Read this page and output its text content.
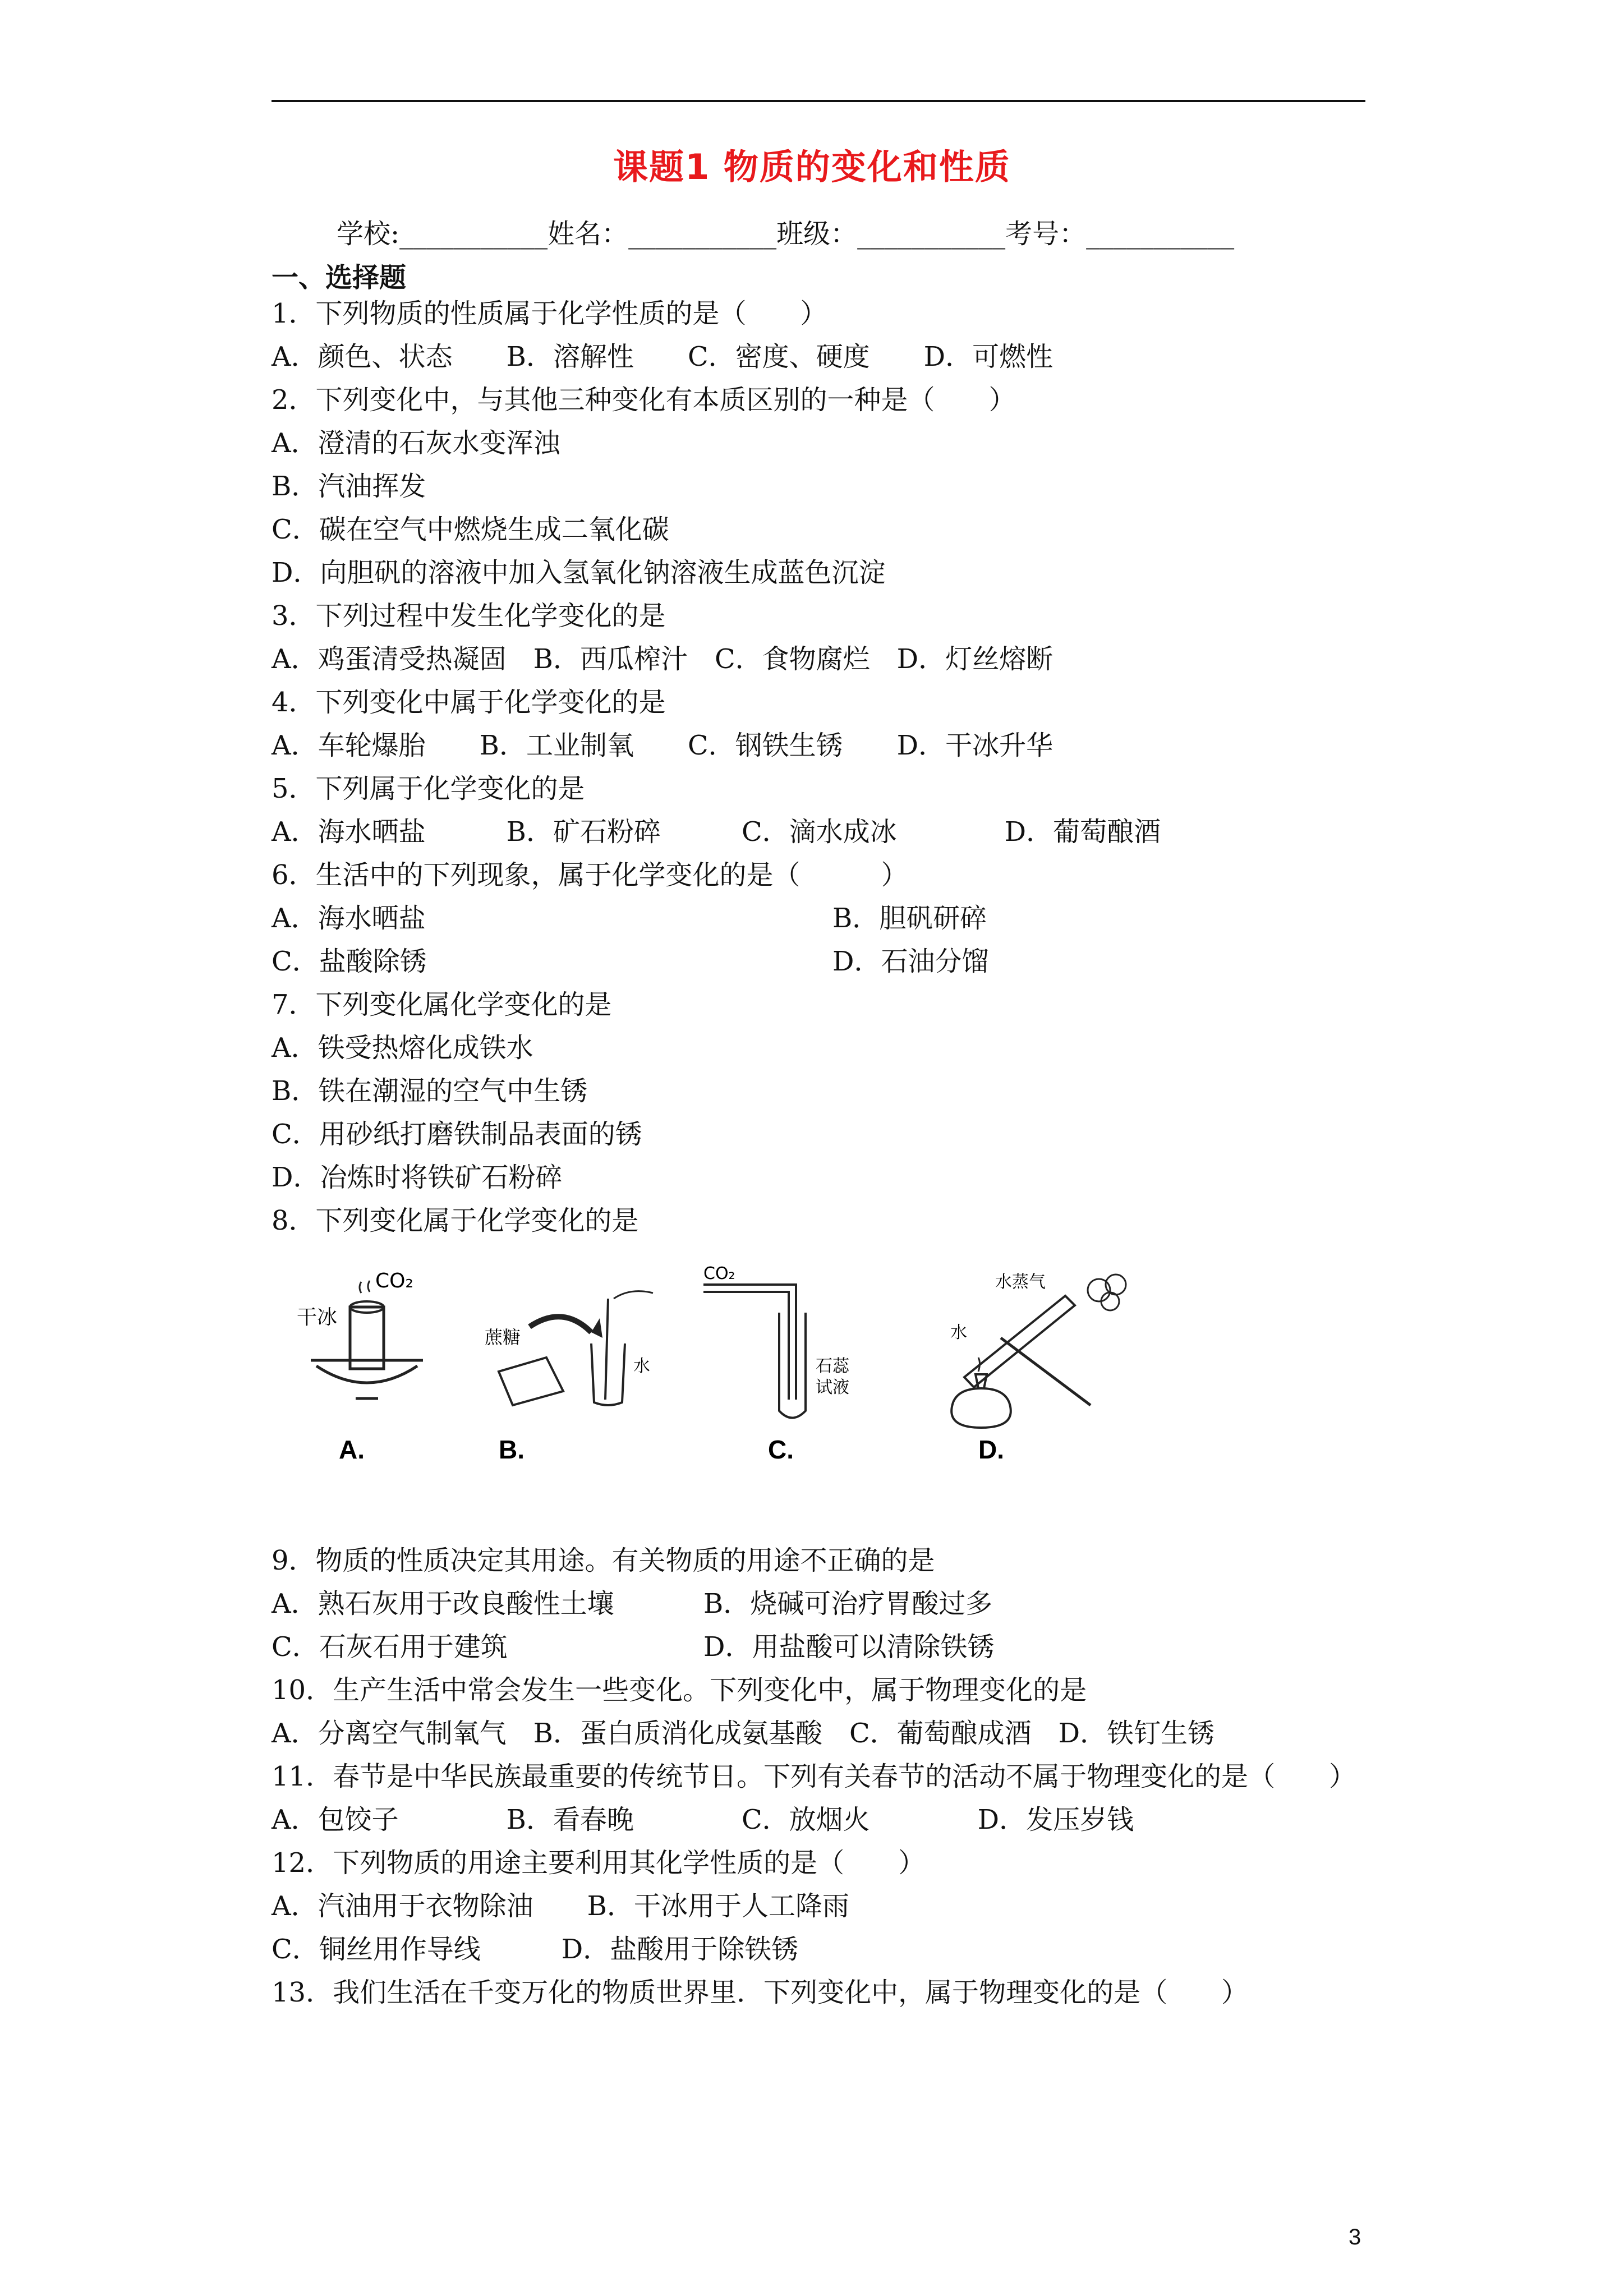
课题1 物质的变化和性质
学校:___________姓名：___________班级：___________考号：___________
一、选择题
1．下列物质的性质属于化学性质的是（　　）
A．颜色、状态　　B．溶解性　　C．密度、硬度　　D．可燃性
2．下列变化中，与其他三种变化有本质区别的一种是（　　）
A．澄清的石灰水变浑浊
B．汽油挥发
C．碳在空气中燃烧生成二氧化碳
D．向胆矾的溶液中加入氢氧化钠溶液生成蓝色沉淀
3．下列过程中发生化学变化的是
A．鸡蛋清受热凝固　B．西瓜榨汁　C．食物腐烂　D．灯丝熔断
4．下列变化中属于化学变化的是
A．车轮爆胎　　B．工业制氧　　C．钢铁生锈　　D．干冰升华
5．下列属于化学变化的是
A．海水晒盐　　　B．矿石粉碎　　　C．滴水成冰　　　　D．葡萄酿酒
6．生活中的下列现象，属于化学变化的是（　　　）
A．海水晒盐	B．胆矾研碎
C．盐酸除锈	D．石油分馏
7．下列变化属化学变化的是
A．铁受热熔化成铁水
B．铁在潮湿的空气中生锈
C．用砂纸打磨铁制品表面的锈
D．冶炼时将铁矿石粉碎
8．下列变化属于化学变化的是
9．物质的性质决定其用途。有关物质的用途不正确的是
A．熟石灰用于改良酸性土壤	B．烧碱可治疗胃酸过多
C．石灰石用于建筑	D．用盐酸可以清除铁锈
10．生产生活中常会发生一些变化。下列变化中，属于物理变化的是
A．分离空气制氧气　B．蛋白质消化成氨基酸　C．葡萄酿成酒　D．铁钉生锈
11．春节是中华民族最重要的传统节日。下列有关春节的活动不属于物理变化的是（　　）
A．包饺子　　　　B．看春晚　　　　C．放烟火　　　　D．发压岁钱
12．下列物质的用途主要利用其化学性质的是（　　）
A．汽油用于衣物除油　　B．干冰用于人工降雨
C．铜丝用作导线　　　D．盐酸用于除铁锈
13．我们生活在千变万化的物质世界里．下列变化中，属于物理变化的是（　　）
干冰
CO₂
A.
蔗糖
水
B.
CO₂
石蕊
试液
C.
水蒸气
水
D.
3
